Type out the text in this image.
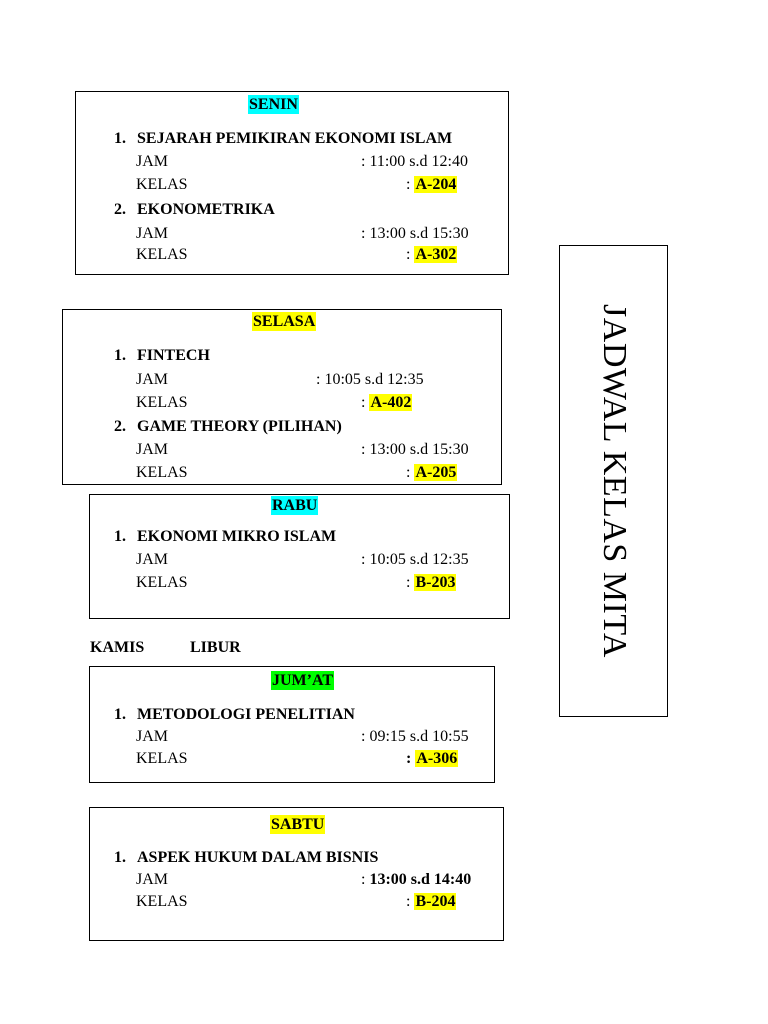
SENIN
1. SEJARAH PEMIKIRAN EKONOMI ISLAM
JAM	: 11:00 s.d 12:40
KELAS	: A-204
2. EKONOMETRIKA
JAM	: 13:00 s.d 15:30
KELAS	: A-302
SELASA
1. FINTECH
JAM	: 10:05 s.d 12:35
KELAS	: A-402
2. GAME THEORY (PILIHAN)
JAM	: 13:00 s.d 15:30
KELAS	: A-205
RABU
1. EKONOMI MIKRO ISLAM
JAM	: 10:05 s.d 12:35
KELAS	: B-203
KAMIS	LIBUR
JUM’AT
1. METODOLOGI PENELITIAN
JAM	: 09:15 s.d 10:55
KELAS	: A-306
SABTU
1. ASPEK HUKUM DALAM BISNIS
JAM	: 13:00 s.d 14:40
KELAS	: B-204
JADWAL KELAS MITA
